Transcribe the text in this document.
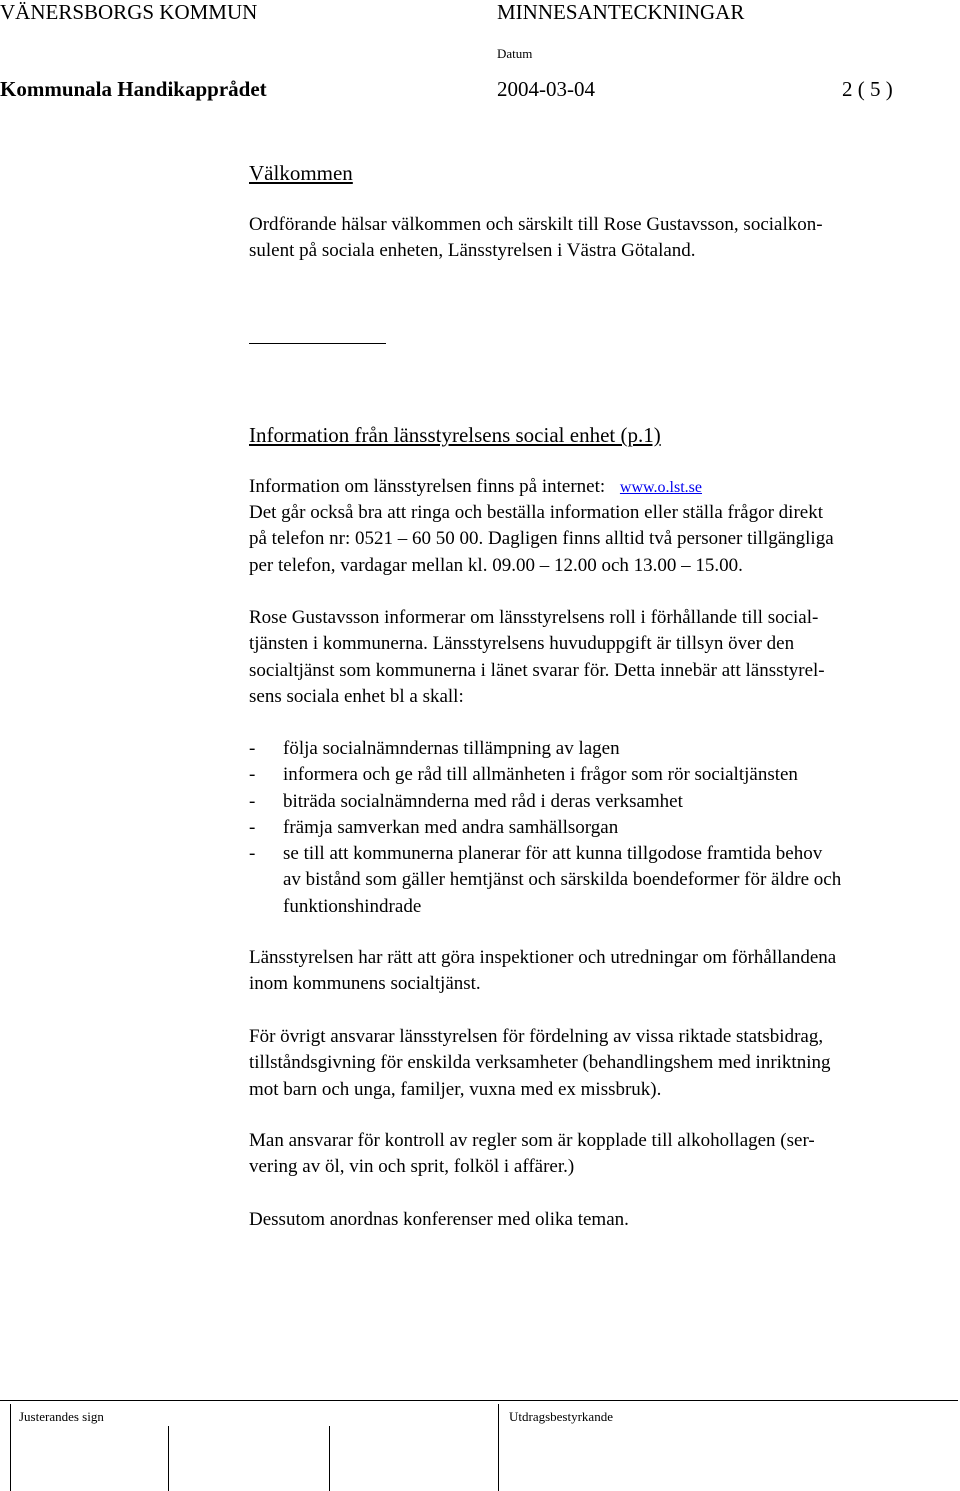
VÄNERSBORGS KOMMUN	MINNESANTECKNINGAR
Datum
Kommunala Handikapprådet	2004-03-04	2 ( 5 )
Välkommen
Ordförande hälsar välkommen och särskilt till Rose Gustavsson, socialkon-
sulent på sociala enheten, Länsstyrelsen i Västra Götaland.
Information från länsstyrelsens social enhet (p.1)
Information om länsstyrelsen finns på internet: www.o.lst.se
Det går också bra att ringa och beställa information eller ställa frågor direkt
på telefon nr: 0521 – 60 50 00. Dagligen finns alltid två personer tillgängliga
per telefon, vardagar mellan kl. 09.00 – 12.00 och 13.00 – 15.00.
Rose Gustavsson informerar om länsstyrelsens roll i förhållande till social-
tjänsten i kommunerna. Länsstyrelsens huvuduppgift är tillsyn över den
socialtjänst som kommunerna i länet svarar för. Detta innebär att länsstyrel-
sens sociala enhet bl a skall:
- följa socialnämndernas tillämpning av lagen
- informera och ge råd till allmänheten i frågor som rör socialtjänsten
- biträda socialnämnderna med råd i deras verksamhet
- främja samverkan med andra samhällsorgan
- se till att kommunerna planerar för att kunna tillgodose framtida behov
av bistånd som gäller hemtjänst och särskilda boendeformer för äldre och
funktionshindrade
Länsstyrelsen har rätt att göra inspektioner och utredningar om förhållandena
inom kommunens socialtjänst.
För övrigt ansvarar länsstyrelsen för fördelning av vissa riktade statsbidrag,
tillståndsgivning för enskilda verksamheter (behandlingshem med inriktning
mot barn och unga, familjer, vuxna med ex missbruk).
Man ansvarar för kontroll av regler som är kopplade till alkohollagen (ser-
vering av öl, vin och sprit, folköl i affärer.)
Dessutom anordnas konferenser med olika teman.
Justerandes sign	Utdragsbestyrkande
